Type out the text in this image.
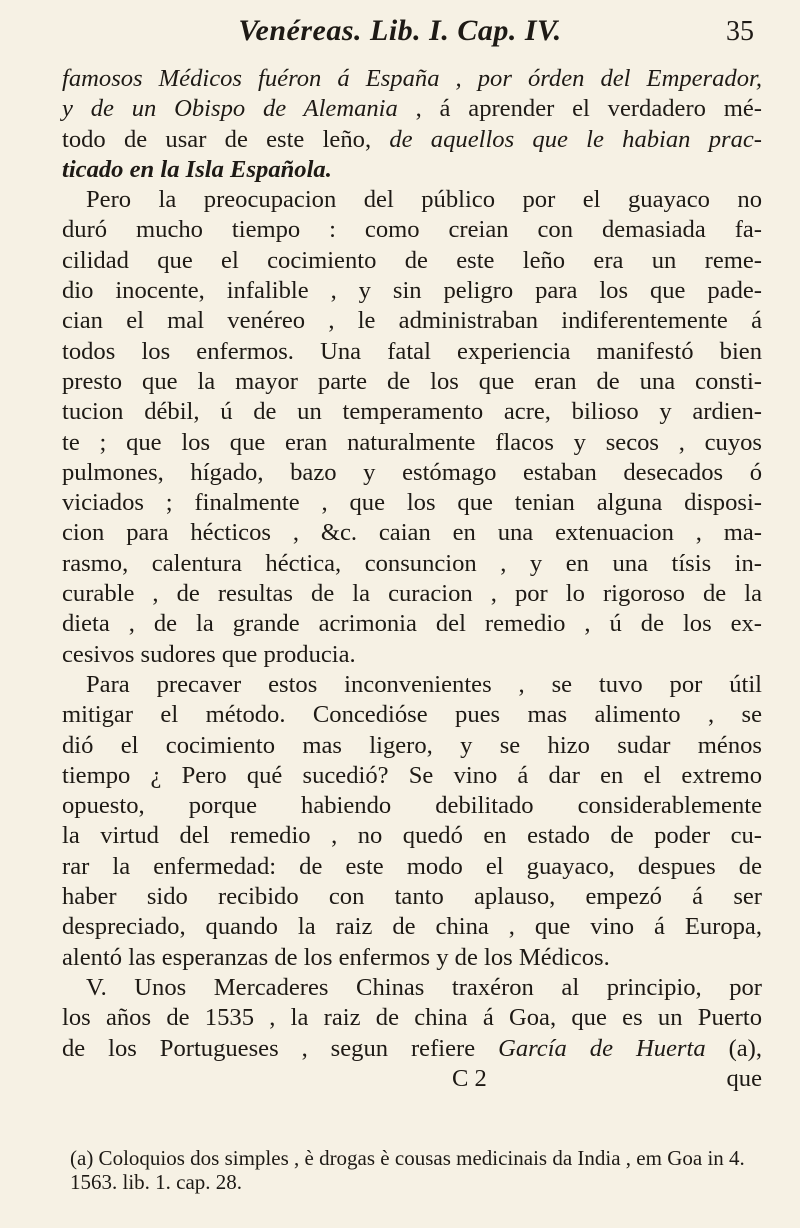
Venéreas. Lib. I. Cap. IV.	35
famosos Médicos fuéron á España , por órden del Emperador,
y de un Obispo de Alemania , á aprender el verdadero mé-
todo de usar de este leño, de aquellos que le habian prac-
ticado en la Isla Española.
Pero la preocupacion del público por el guayaco no
duró mucho tiempo : como creian con demasiada fa-
cilidad que el cocimiento de este leño era un reme-
dio inocente, infalible , y sin peligro para los que pade-
cian el mal venéreo , le administraban indiferentemente á
todos los enfermos. Una fatal experiencia manifestó bien
presto que la mayor parte de los que eran de una consti-
tucion débil, ú de un temperamento acre, bilioso y ardien-
te ; que los que eran naturalmente flacos y secos , cuyos
pulmones, hígado, bazo y estómago estaban desecados ó
viciados ; finalmente , que los que tenian alguna disposi-
cion para hécticos , &c. caian en una extenuacion , ma-
rasmo, calentura héctica, consuncion , y en una tísis in-
curable , de resultas de la curacion , por lo rigoroso de la
dieta , de la grande acrimonia del remedio , ú de los ex-
cesivos sudores que producia.
Para precaver estos inconvenientes , se tuvo por útil
mitigar el método. Concediósе pues mas alimento , se
dió el cocimiento mas ligero, y se hizo sudar ménos
tiempo ¿ Pero qué sucedió? Se vino á dar en el extremo
opuesto, porque habiendo debilitado considerablemente
la virtud del remedio , no quedó en estado de poder cu-
rar la enfermedad: de este modo el guayaco, despues de
haber sido recibido con tanto aplauso, empezó á ser
despreciado, quando la raiz de china , que vino á Europa,
alentó las esperanzas de los enfermos y de los Médicos.
V. Unos Mercaderes Chinas traxéron al principio, por
los años de 1535 , la raiz de china á Goa, que es un Puerto
de los Portugueses , segun refiere García de Huerta (a),
C 2	que
(a) Coloquios dos simples , è drogas è cousas medicinais da India , em Goa in 4. 1563. lib. 1. cap. 28.
